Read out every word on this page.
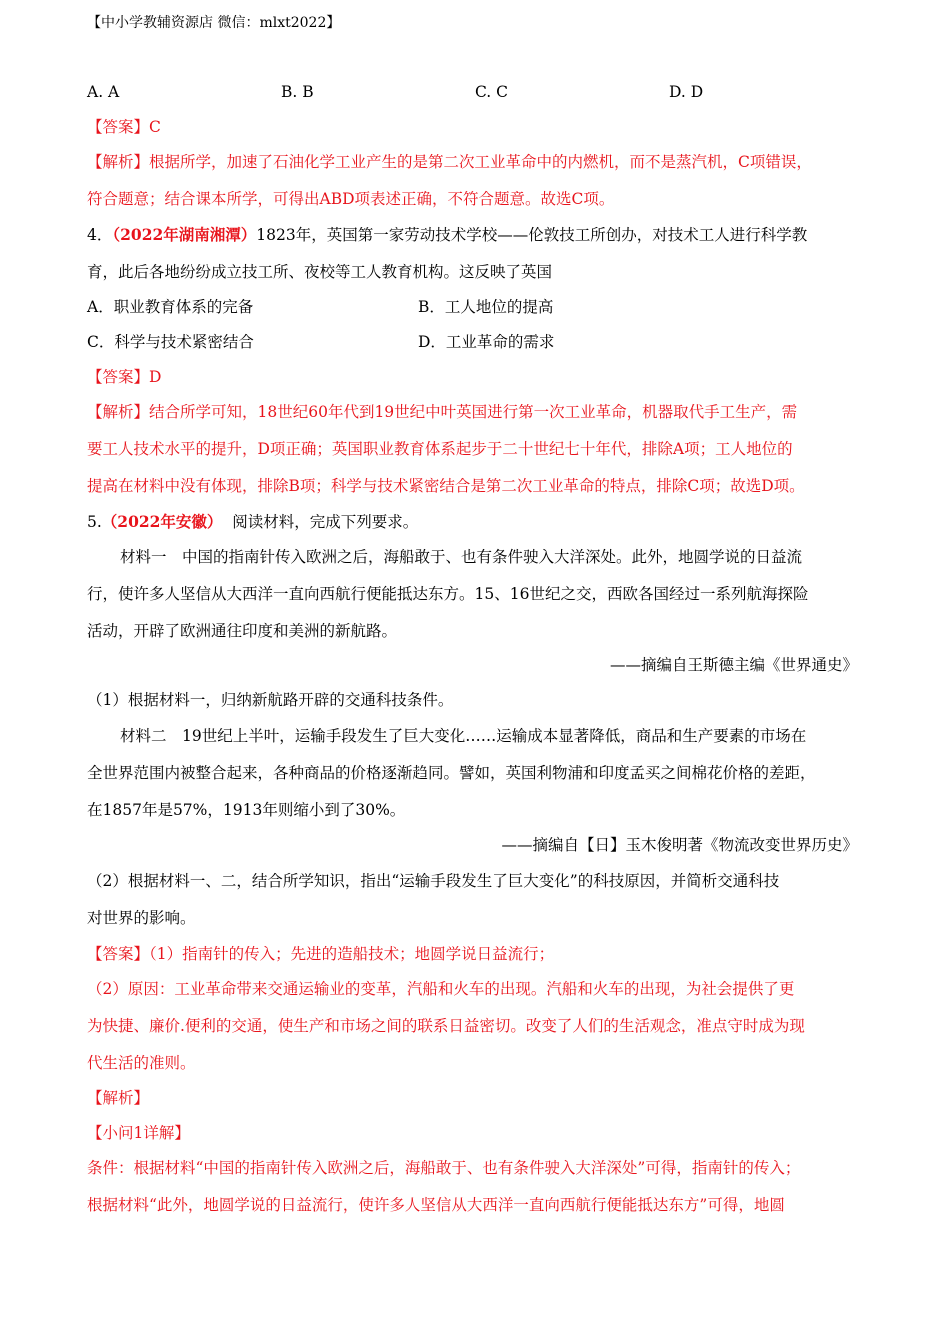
【中小学教辅资源店 微信：mlxt2022】
A. A	B. B	C. C	D. D
【答案】C
【解析】根据所学，加速了石油化学工业产生的是第二次工业革命中的内燃机，而不是蒸汽机，C项错误，
符合题意；结合课本所学，可得出ABD项表述正确，不符合题意。故选C项。
4．（2022年湖南湘潭）1823年，英国第一家劳动技术学校——伦敦技工所创办，对技术工人进行科学教
育，此后各地纷纷成立技工所、夜校等工人教育机构。这反映了英国
A．职业教育体系的完备	B．工人地位的提高
C．科学与技术紧密结合	D．工业革命的需求
【答案】D
【解析】结合所学可知，18世纪60年代到19世纪中叶英国进行第一次工业革命，机器取代手工生产，需
要工人技术水平的提升，D项正确；英国职业教育体系起步于二十世纪七十年代，排除A项；工人地位的
提高在材料中没有体现，排除B项；科学与技术紧密结合是第二次工业革命的特点，排除C项；故选D项。
5.（2022年安徽） 阅读材料，完成下列要求。
材料一　中国的指南针传入欧洲之后，海船敢于、也有条件驶入大洋深处。此外，地圆学说的日益流
行，使许多人坚信从大西洋一直向西航行便能抵达东方。15、16世纪之交，西欧各国经过一系列航海探险
活动，开辟了欧洲通往印度和美洲的新航路。
——摘编自王斯德主编《世界通史》
（1）根据材料一，归纳新航路开辟的交通科技条件。
材料二　19世纪上半叶，运输手段发生了巨大变化……运输成本显著降低，商品和生产要素的市场在
全世界范围内被整合起来，各种商品的价格逐渐趋同。譬如，英国利物浦和印度孟买之间棉花价格的差距，
在1857年是57%，1913年则缩小到了30%。
——摘编自【日】玉木俊明著《物流改变世界历史》
（2）根据材料一、二，结合所学知识，指出“运输手段发生了巨大变化”的科技原因，并简析交通科技
对世界的影响。
【答案】（1）指南针的传入；先进的造船技术；地圆学说日益流行；
（2）原因：工业革命带来交通运输业的变革，汽船和火车的出现。汽船和火车的出现，为社会提供了更
为快捷、廉价.便利的交通，使生产和市场之间的联系日益密切。改变了人们的生活观念，准点守时成为现
代生活的准则。
【解析】
【小问1详解】
条件：根据材料“中国的指南针传入欧洲之后，海船敢于、也有条件驶入大洋深处”可得，指南针的传入；
根据材料“此外，地圆学说的日益流行，使许多人坚信从大西洋一直向西航行便能抵达东方”可得，地圆
